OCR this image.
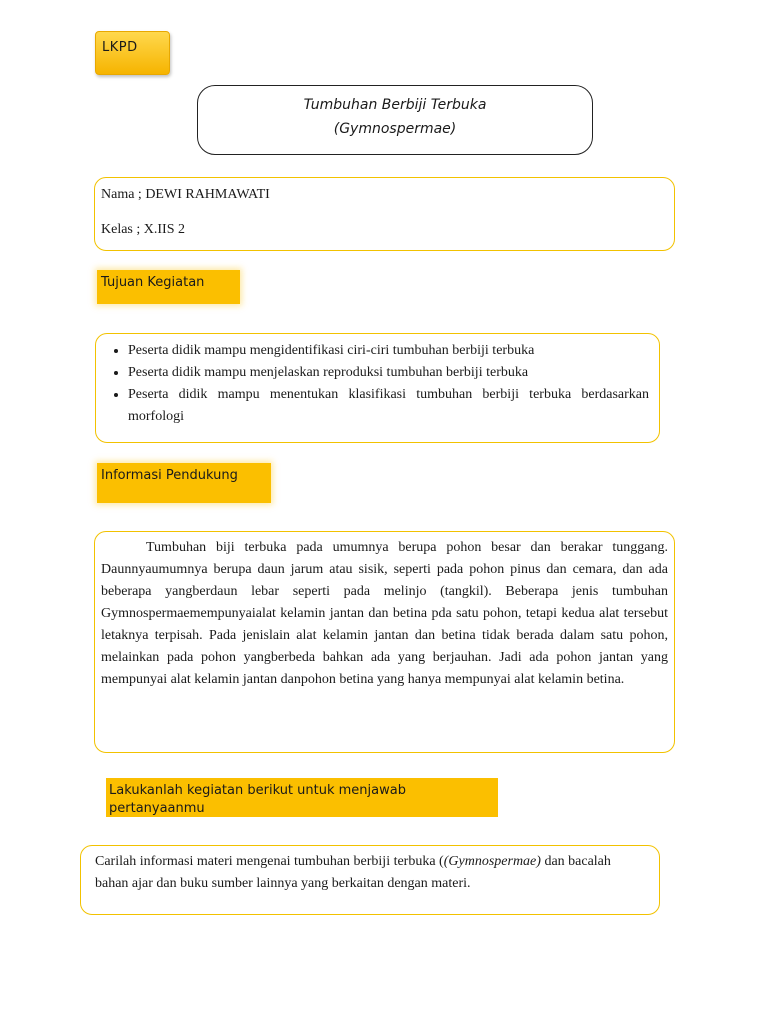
LKPD
Tumbuhan Berbiji Terbuka
(Gymnospermae)
Nama ; DEWI RAHMAWATI
Kelas ; X.IIS 2
Tujuan Kegiatan
• Peserta didik mampu mengidentifikasi ciri-ciri tumbuhan berbiji terbuka
• Peserta didik mampu menjelaskan reproduksi tumbuhan berbiji terbuka
• Peserta didik mampu menentukan klasifikasi tumbuhan berbiji terbuka berdasarkan morfologi
Informasi Pendukung

Tumbuhan biji terbuka pada umumnya berupa pohon besar dan berakar tunggang. Daunnyaumumnya berupa daun jarum atau sisik, seperti pada pohon pinus dan cemara, dan ada beberapa yangberdaun lebar seperti pada melinjo (tangkil). Beberapa jenis tumbuhan Gymnospermaemempunyaialat kelamin jantan dan betina pda satu pohon, tetapi kedua alat tersebut letaknya terpisah. Pada jenislain alat kelamin jantan dan betina tidak berada dalam satu pohon, melainkan pada pohon yangberbeda bahkan ada yang berjauhan. Jadi ada pohon jantan yang mempunyai alat kelamin jantan danpohon betina yang hanya mempunyai alat kelamin betina.

Lakukanlah kegiatan berikut untuk menjawab pertanyaanmu
Carilah informasi materi mengenai tumbuhan berbiji terbuka ((Gymnospermae) dan bacalah bahan ajar dan buku sumber lainnya yang berkaitan dengan materi.
